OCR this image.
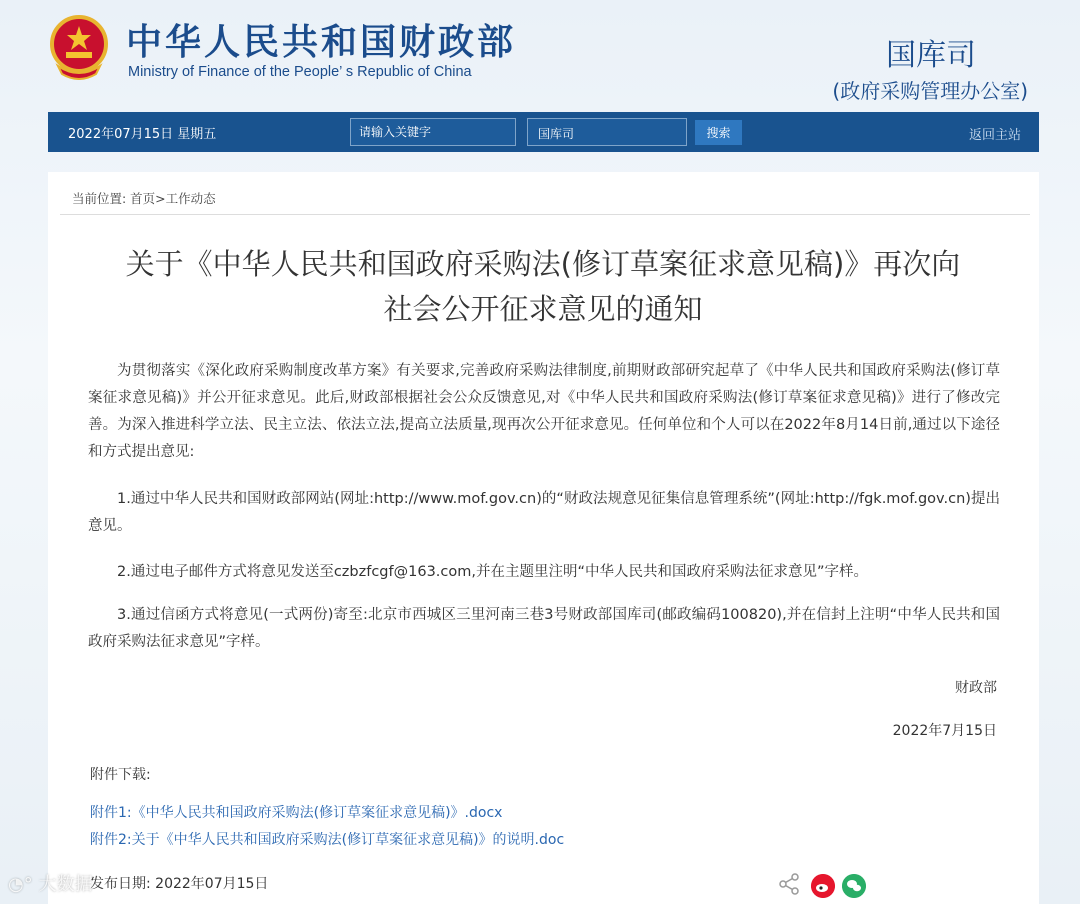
中华人民共和国财政部
Ministry of Finance of the People’ s Republic of China	国库司
(政府采购管理办公室)
2022年07月15日 星期五
请输入关键字	国库司	搜索	返回主站
当前位置: 首页>工作动态
关于《中华人民共和国政府采购法(修订草案征求意见稿)》再次向
社会公开征求意见的通知
为贯彻落实《深化政府采购制度改革方案》有关要求,完善政府采购法律制度,前期财政部研究起草了《中华人民共和国政府采购法(修订草案征求意见稿)》并公开征求意见。此后,财政部根据社会公众反馈意见,对《中华人民共和国政府采购法(修订草案征求意见稿)》进行了修改完善。为深入推进科学立法、民主立法、依法立法,提高立法质量,现再次公开征求意见。任何单位和个人可以在2022年8月14日前,通过以下途径和方式提出意见:
1.通过中华人民共和国财政部网站(网址:http://www.mof.gov.cn)的“财政法规意见征集信息管理系统”(网址:http://fgk.mof.gov.cn)提出意见。
2.通过电子邮件方式将意见发送至czbzfcgf@163.com,并在主题里注明“中华人民共和国政府采购法征求意见”字样。
3.通过信函方式将意见(一式两份)寄至:北京市西城区三里河南三巷3号财政部国库司(邮政编码100820),并在信封上注明“中华人民共和国政府采购法征求意见”字样。
财政部
2022年7月15日
附件下载:
附件1:《中华人民共和国政府采购法(修订草案征求意见稿)》.docx
附件2:关于《中华人民共和国政府采购法(修订草案征求意见稿)》的说明.doc
发布日期: 2022年07月15日
◔° 大数据
